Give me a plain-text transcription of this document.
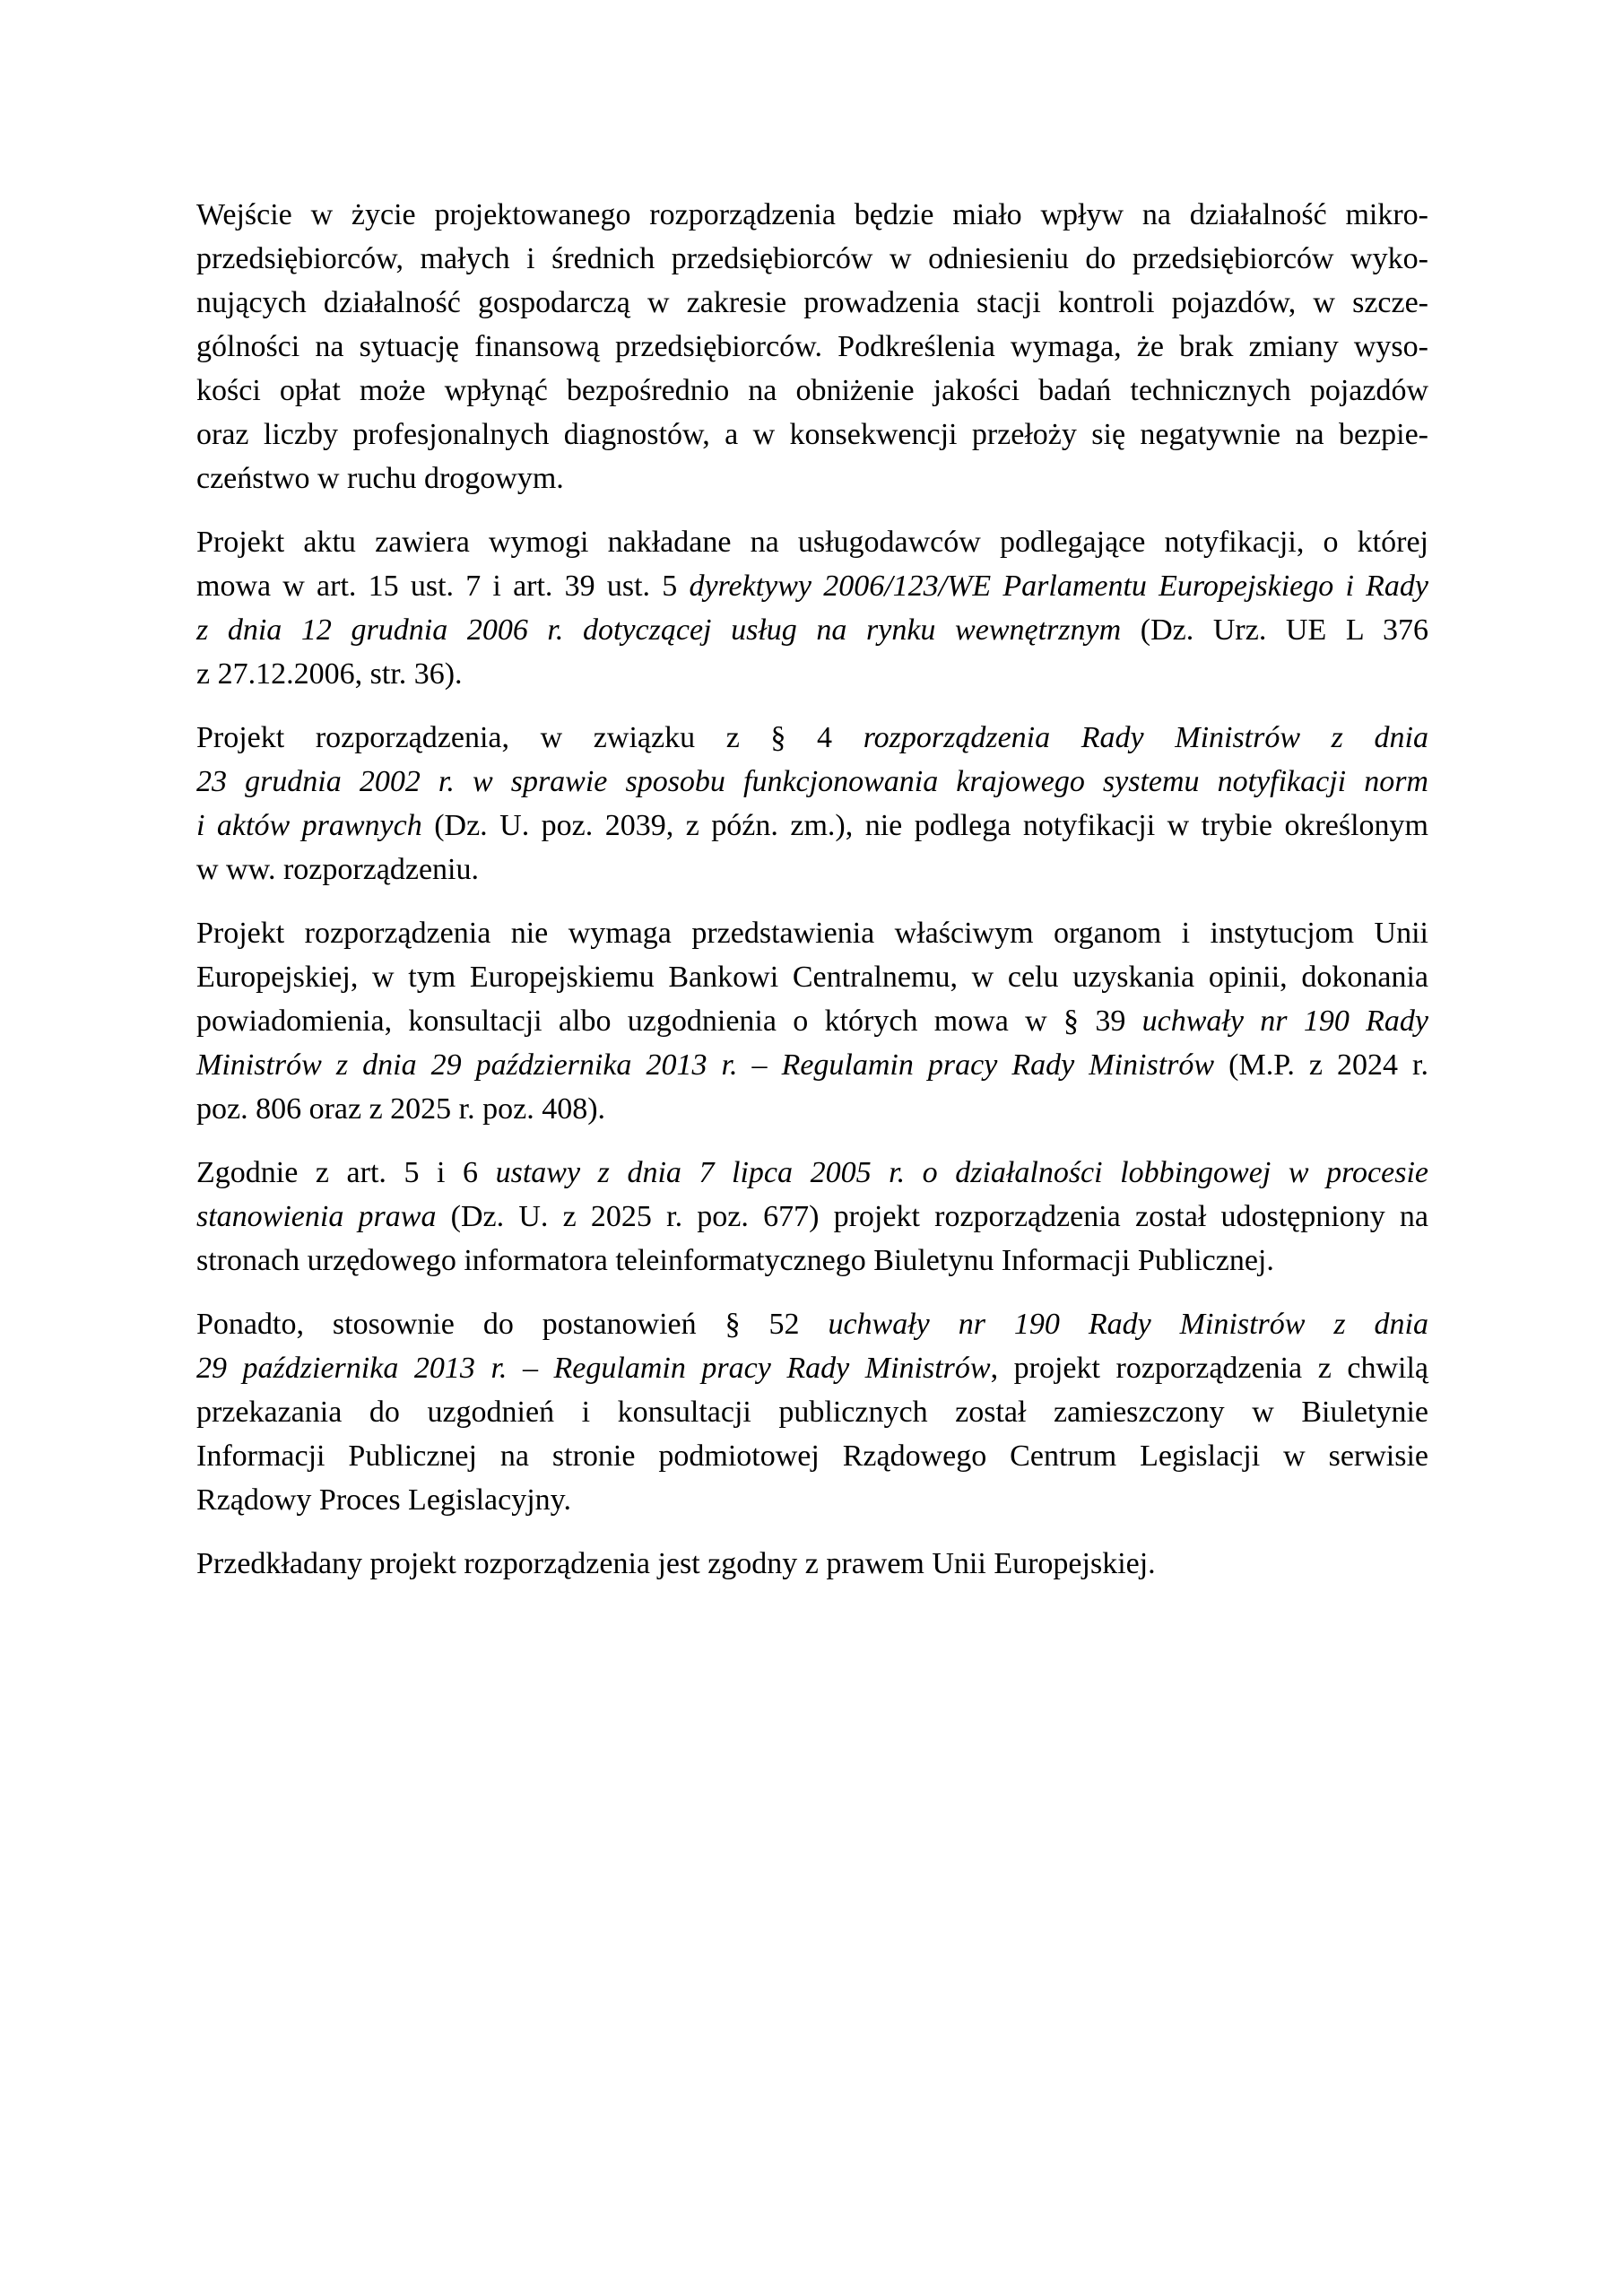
Wejście w życie projektowanego rozporządzenia będzie miało wpływ na działalność mikro-
przedsiębiorców, małych i średnich przedsiębiorców w odniesieniu do przedsiębiorców wyko-
nujących działalność gospodarczą w zakresie prowadzenia stacji kontroli pojazdów, w szcze-
gólności na sytuację finansową przedsiębiorców. Podkreślenia wymaga, że brak zmiany wyso-
kości opłat może wpłynąć bezpośrednio na obniżenie jakości badań technicznych pojazdów
oraz liczby profesjonalnych diagnostów, a w konsekwencji przełoży się negatywnie na bezpie-
czeństwo w ruchu drogowym.

Projekt aktu zawiera wymogi nakładane na usługodawców podlegające notyfikacji, o której
mowa w art. 15 ust. 7 i art. 39 ust. 5 dyrektywy 2006/123/WE Parlamentu Europejskiego i Rady
z dnia 12 grudnia 2006 r. dotyczącej usług na rynku wewnętrznym (Dz. Urz. UE L 376
z 27.12.2006, str. 36).

Projekt rozporządzenia, w związku z § 4 rozporządzenia Rady Ministrów z dnia
23 grudnia 2002 r. w sprawie sposobu funkcjonowania krajowego systemu notyfikacji norm
i aktów prawnych (Dz. U. poz. 2039, z późn. zm.), nie podlega notyfikacji w trybie określonym
w ww. rozporządzeniu.

Projekt rozporządzenia nie wymaga przedstawienia właściwym organom i instytucjom Unii
Europejskiej, w tym Europejskiemu Bankowi Centralnemu, w celu uzyskania opinii, dokonania
powiadomienia, konsultacji albo uzgodnienia o których mowa w § 39 uchwały nr 190 Rady
Ministrów z dnia 29 października 2013 r. – Regulamin pracy Rady Ministrów (M.P. z 2024 r.
poz. 806 oraz z 2025 r. poz. 408).

Zgodnie z art. 5 i 6 ustawy z dnia 7 lipca 2005 r. o działalności lobbingowej w procesie
stanowienia prawa (Dz. U. z 2025 r. poz. 677) projekt rozporządzenia został udostępniony na
stronach urzędowego informatora teleinformatycznego Biuletynu Informacji Publicznej.

Ponadto, stosownie do postanowień § 52 uchwały nr 190 Rady Ministrów z dnia
29 października 2013 r. – Regulamin pracy Rady Ministrów, projekt rozporządzenia z chwilą
przekazania do uzgodnień i konsultacji publicznych został zamieszczony w Biuletynie
Informacji Publicznej na stronie podmiotowej Rządowego Centrum Legislacji w serwisie
Rządowy Proces Legislacyjny.

Przedkładany projekt rozporządzenia jest zgodny z prawem Unii Europejskiej.
